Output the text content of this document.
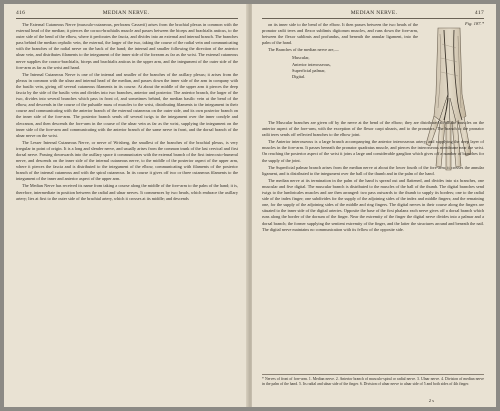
416	MEDIAN NERVE.

The External Cutaneous Nerve (musculo-cutaneous, perforans Casserii) arises from the brachial plexus in common with the external head of the median; it pierces the coraco-brachialis muscle and passes between the biceps and brachialis anticus, to the outer side of the bend of the elbow, where it perforates the fascia, and divides into an external and internal branch. The branches pass behind the median cephalic vein, the external, the larger of the two, taking the course of the radial vein and communicating with the branches of the radial nerve on the back of the hand; the internal and smaller following the direction of the anterior ulnar vein, and distributes filaments to the integument of the inner side of the forearm as far as the wrist. The external cutaneous nerve supplies the coraco-brachialis, biceps and brachialis anticus in the upper arm, and the integument of the outer side of the fore-arm as far as the wrist and hand.

The Internal Cutaneous Nerve is one of the internal and smaller of the branches of the axillary plexus; it arises from the plexus in common with the ulnar and internal head of the median, and passes down the inner side of the arm in company with the basilic vein, giving off several cutaneous filaments in its course. At about the middle of the upper arm it pierces the deep fascia by the side of the basilic vein and divides into two branches, anterior and posterior. The anterior branch, the larger of the two, divides into several branches which pass in front of, and sometimes behind, the median basilic vein at the bend of the elbow, and descends in the course of the pulsatile mass of muscles to the wrist, distributing filaments to the integument in their course and communicating with the anterior branch of the external cutaneous on the outer side, and its own posterior branch on the inner side of the fore-arm. The posterior branch sends off several twigs to the integument over the inner condyle and olecranon, and then descends the fore-arm in the course of the ulnar vein as far as the wrist, supplying the integument on the inner side of the fore-arm and communicating with the anterior branch of the same nerve in front, and the dorsal branch of the ulnar nerve on the wrist.

The Lesser Internal Cutaneous Nerve, or nerve of Wrisberg, the smallest of the branches of the brachial plexus, is very irregular in point of origin. It is a long and slender nerve, and usually arises from the common trunk of the last cervical and first dorsal nerve. Passing downwards into the axillary space it communicates with the external branch of the first intercosto-humeral nerve, and descends on the inner side of the internal cutaneous nerve, to the middle of the posterior aspect of the upper arm, where it pierces the fascia and is distributed to the integument of the elbow, communicating with filaments of the posterior branch of the internal cutaneous and with the spiral cutaneous. In its course it gives off two or three cutaneous filaments to the integument of the inner and anterior aspect of the upper arm.

The Median Nerve has received its name from taking a course along the middle of the fore-arm to the palm of the hand; it is, therefore, intermediate in position between the radial and ulnar nerves. It commences by two heads, which embrace the axillary artery; lies at first to the outer side of the brachial artery, which it crosses at its middle; and descends

MEDIAN NERVE.	417
Fig. 187.*

on its inner side to the bend of the elbow. It then passes between the two heads of the pronator radii teres and flexor sublimis digitorum muscles, and runs down the fore-arm, between the flexor sublimis and profundus, and beneath the annular ligament, into the palm of the hand.

The Branches of the median nerve are,—

Muscular,
Anterior interosseous,
Superficial palmar,
Digital.

The Muscular branches are given off by the nerve at the bend of the elbow; they are distributed to all the muscles on the anterior aspect of the fore-arm, with the exception of the flexor carpi ulnaris, and to the pronators. The branch to the pronator radii teres sends off reflected branches to the elbow joint.

The Anterior interosseous is a large branch accompanying the anterior interosseous artery, and supplying the deep layer of muscles in the fore-arm. It passes beneath the pronator quadratus muscle, and pierces the interosseous membrane near the wrist. On reaching the posterior aspect of the wrist it joins a large and considerable ganglion which gives off a number of branches for the supply of the joint.

The Superficial palmar branch arises from the median nerve at about the lower fourth of the fore-arm; it crosses the annular ligament, and is distributed to the integument over the ball of the thumb and in the palm of the hand.

The median nerve at its termination in the palm of the hand is spread out and flattened, and divides into six branches, one muscular and five digital. The muscular branch is distributed to the muscles of the ball of the thumb. The digital branches send twigs to the lumbricales muscles and are then arranged: two pass outwards to the thumb to supply its borders; one to the radial side of the index finger; one subdivides for the supply of the adjoining sides of the index and middle fingers; and the remaining one, for the supply of the adjoining sides of the middle and ring fingers. The digital nerves in their course along the fingers are situated to the inner side of the digital arteries. Opposite the base of the first phalanx each nerve gives off a dorsal branch which runs along the border of the dorsum of the finger. Near the extremity of the finger the digital nerve divides into a palmar and a dorsal branch; the former supplying the sentient extremity of the finger, and the latter the structures around and beneath the nail. The digital nerve maintains no communication with its fellow of the opposite side.

* Nerves of front of fore-arm. 1. Median nerve. 2. Anterior branch of musculo-spiral or radial nerve. 3. Ulnar nerve. 4. Division of median nerve in the palm of the hand. 5. Its radial and ulnar side of the finger. 6. Division of ulnar nerve to ulnar side of 5 and both sides of 4th finger.

2 s
